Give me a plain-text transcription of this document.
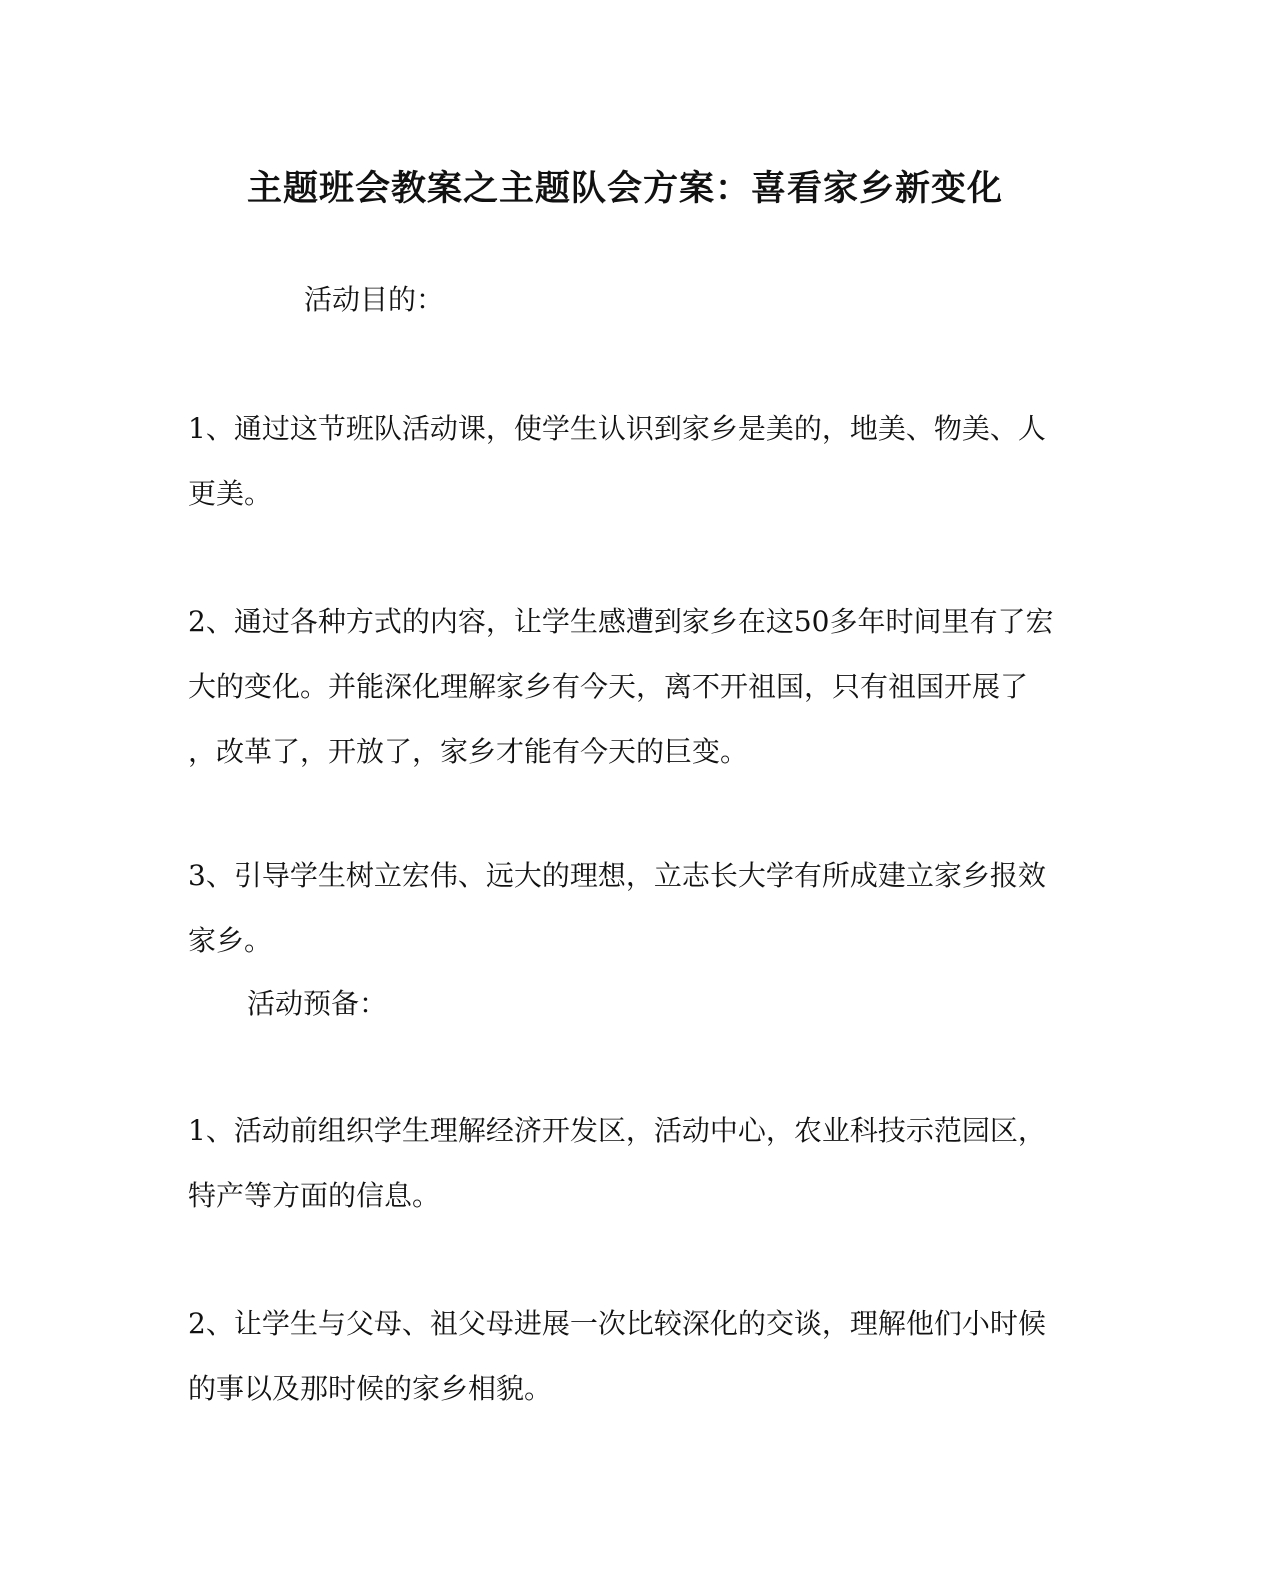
主题班会教案之主题队会方案：喜看家乡新变化

活动目的：

1、通过这节班队活动课，使学生认识到家乡是美的，地美、物美、人
更美。

2、通过各种方式的内容，让学生感遭到家乡在这50多年时间里有了宏
大的变化。并能深化理解家乡有今天，离不开祖国，只有祖国开展了
，改革了，开放了，家乡才能有今天的巨变。

3、引导学生树立宏伟、远大的理想，立志长大学有所成建立家乡报效
家乡。

活动预备：

1、活动前组织学生理解经济开发区，活动中心，农业科技示范园区，
特产等方面的信息。

2、让学生与父母、祖父母进展一次比较深化的交谈，理解他们小时候
的事以及那时候的家乡相貌。
